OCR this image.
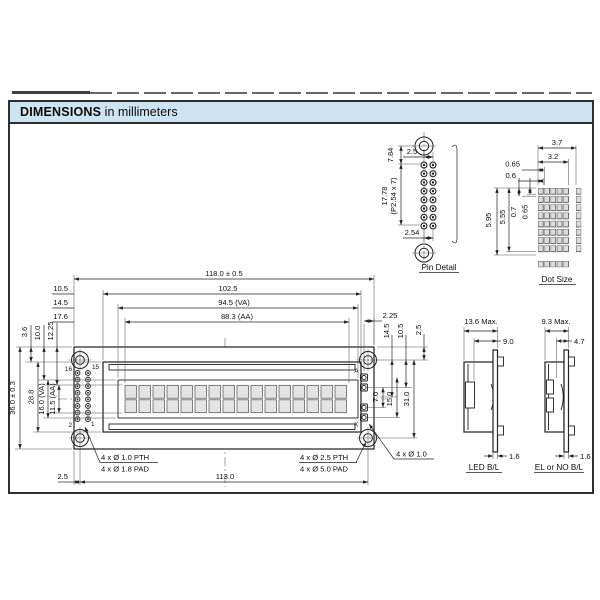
DIMENSIONS in millimeters
16	15
2	1
A
K
118.0 ± 0.5
102.5
94.5 (VA)
88.3 (AA)
10.5
14.5
17.6
3.6 10.0 12.25
36.0 ± 0.3 28.8 16.0 (VA) 11.5 (AA)
2.25
14.5 10.5 2.5
7.0 15.0 31.0
2.5	113.0
4 x Ø 1.0 PTH
4 x Ø 1.8 PAD
4 x Ø 2.5 PTH
4 x Ø 5.0 PAD
4 x Ø 1.0
7.84
17.78 (P2.54 x 7)
2.5
2.54
Pin Detail
3.7
3.2
0.65
0.6
5.95 5.55 0.7 0.65
Dot Size
13.6 Max.
9.0
1.6
LED B/L
9.3 Max.
4.7
1.6
EL or NO B/L
